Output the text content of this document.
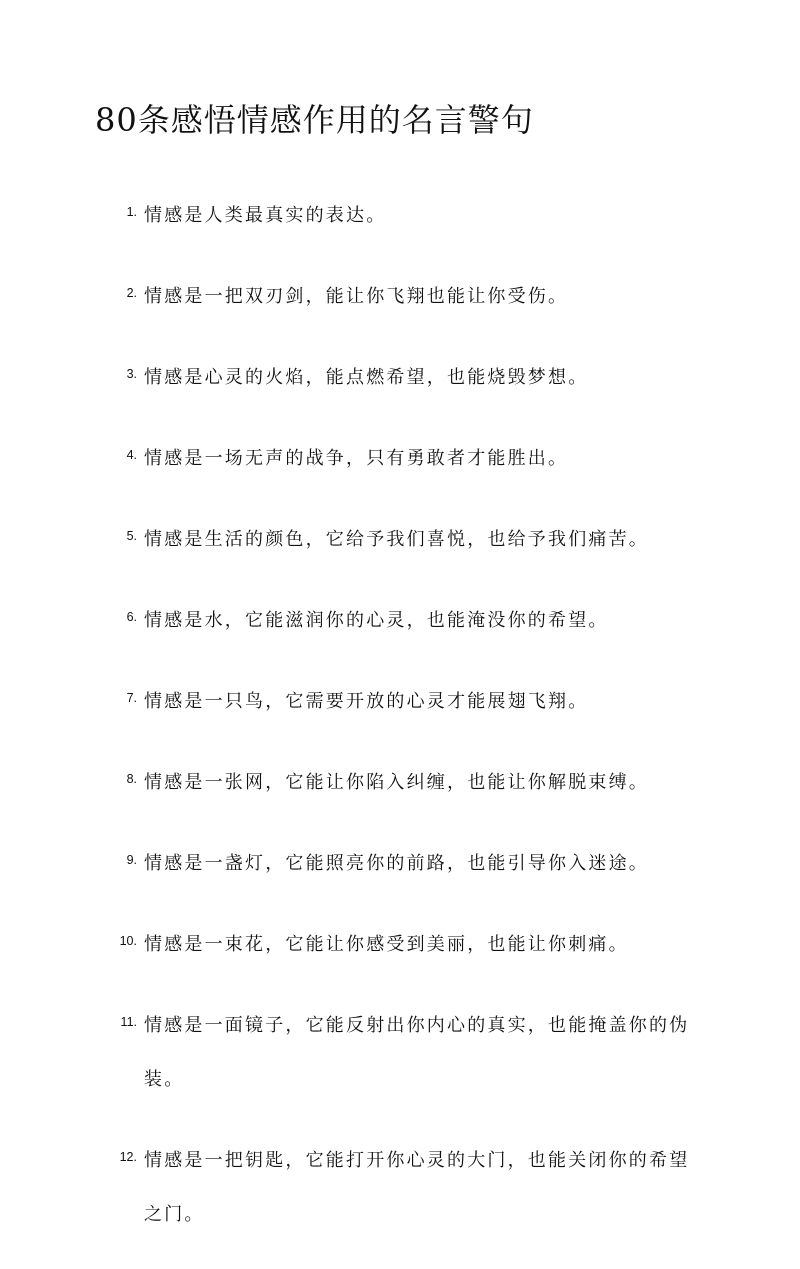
80条感悟情感作用的名言警句
1. 情感是人类最真实的表达。
2. 情感是一把双刃剑，能让你飞翔也能让你受伤。
3. 情感是心灵的火焰，能点燃希望，也能烧毁梦想。
4. 情感是一场无声的战争，只有勇敢者才能胜出。
5. 情感是生活的颜色，它给予我们喜悦，也给予我们痛苦。
6. 情感是水，它能滋润你的心灵，也能淹没你的希望。
7. 情感是一只鸟，它需要开放的心灵才能展翅飞翔。
8. 情感是一张网，它能让你陷入纠缠，也能让你解脱束缚。
9. 情感是一盏灯，它能照亮你的前路，也能引导你入迷途。
10. 情感是一束花，它能让你感受到美丽，也能让你刺痛。
11. 情感是一面镜子，它能反射出你内心的真实，也能掩盖你的伪装。
12. 情感是一把钥匙，它能打开你心灵的大门，也能关闭你的希望之门。
